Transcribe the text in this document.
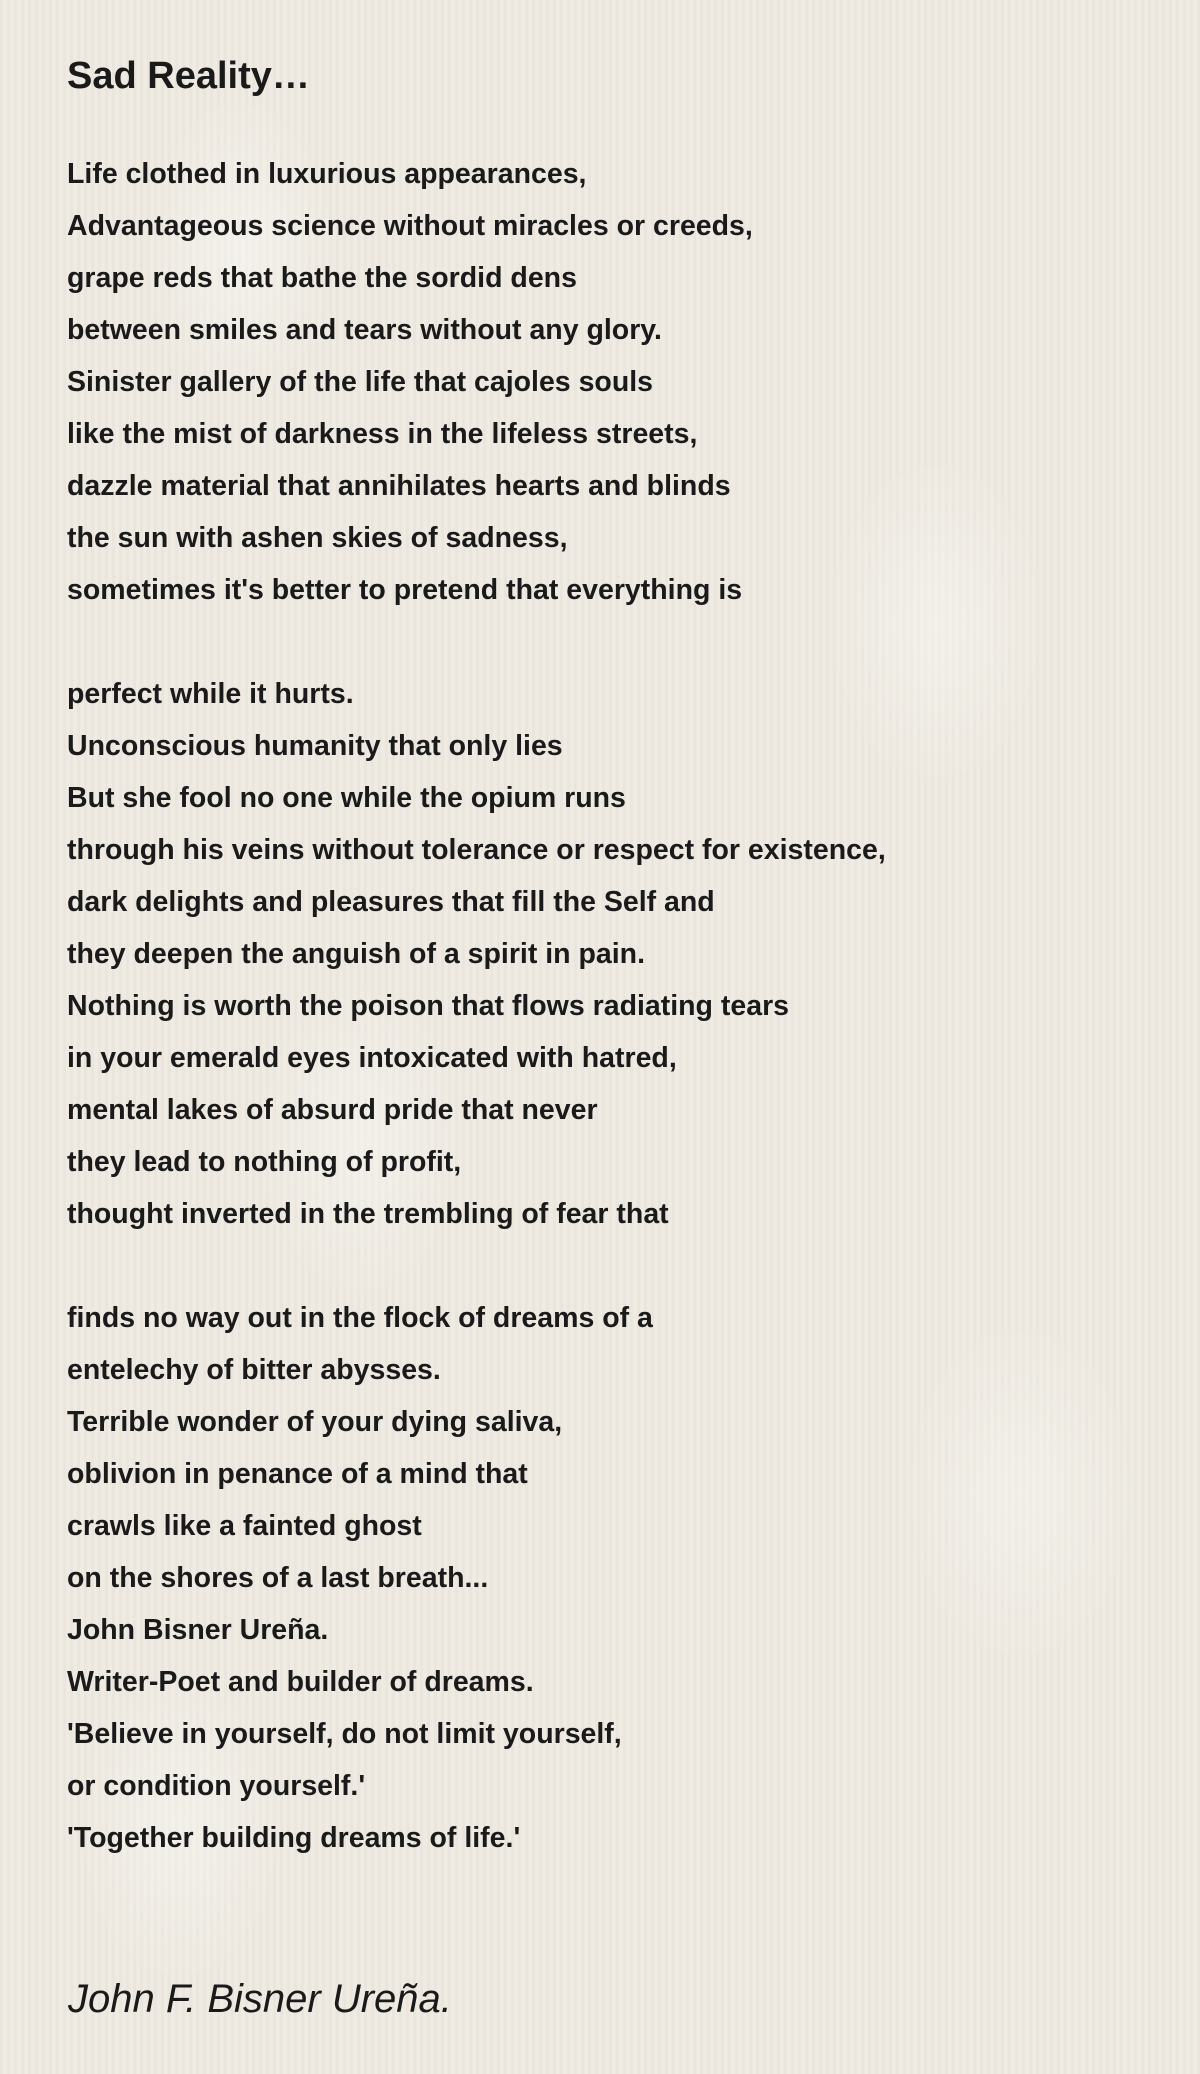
Sad Reality…
Life clothed in luxurious appearances,
Advantageous science without miracles or creeds,
grape reds that bathe the sordid dens
between smiles and tears without any glory.
Sinister gallery of the life that cajoles souls
like the mist of darkness in the lifeless streets,
dazzle material that annihilates hearts and blinds
the sun with ashen skies of sadness,
sometimes it's better to pretend that everything is
perfect while it hurts.
Unconscious humanity that only lies
But she fool no one while the opium runs
through his veins without tolerance or respect for existence,
dark delights and pleasures that fill the Self and
they deepen the anguish of a spirit in pain.
Nothing is worth the poison that flows radiating tears
in your emerald eyes intoxicated with hatred,
mental lakes of absurd pride that never
they lead to nothing of profit,
thought inverted in the trembling of fear that
finds no way out in the flock of dreams of a
entelechy of bitter abysses.
Terrible wonder of your dying saliva,
oblivion in penance of a mind that
crawls like a fainted ghost
on the shores of a last breath...
John Bisner Ureña.
Writer-Poet and builder of dreams.
'Believe in yourself, do not limit yourself,
or condition yourself.'
'Together building dreams of life.'
John F. Bisner Ureña.
